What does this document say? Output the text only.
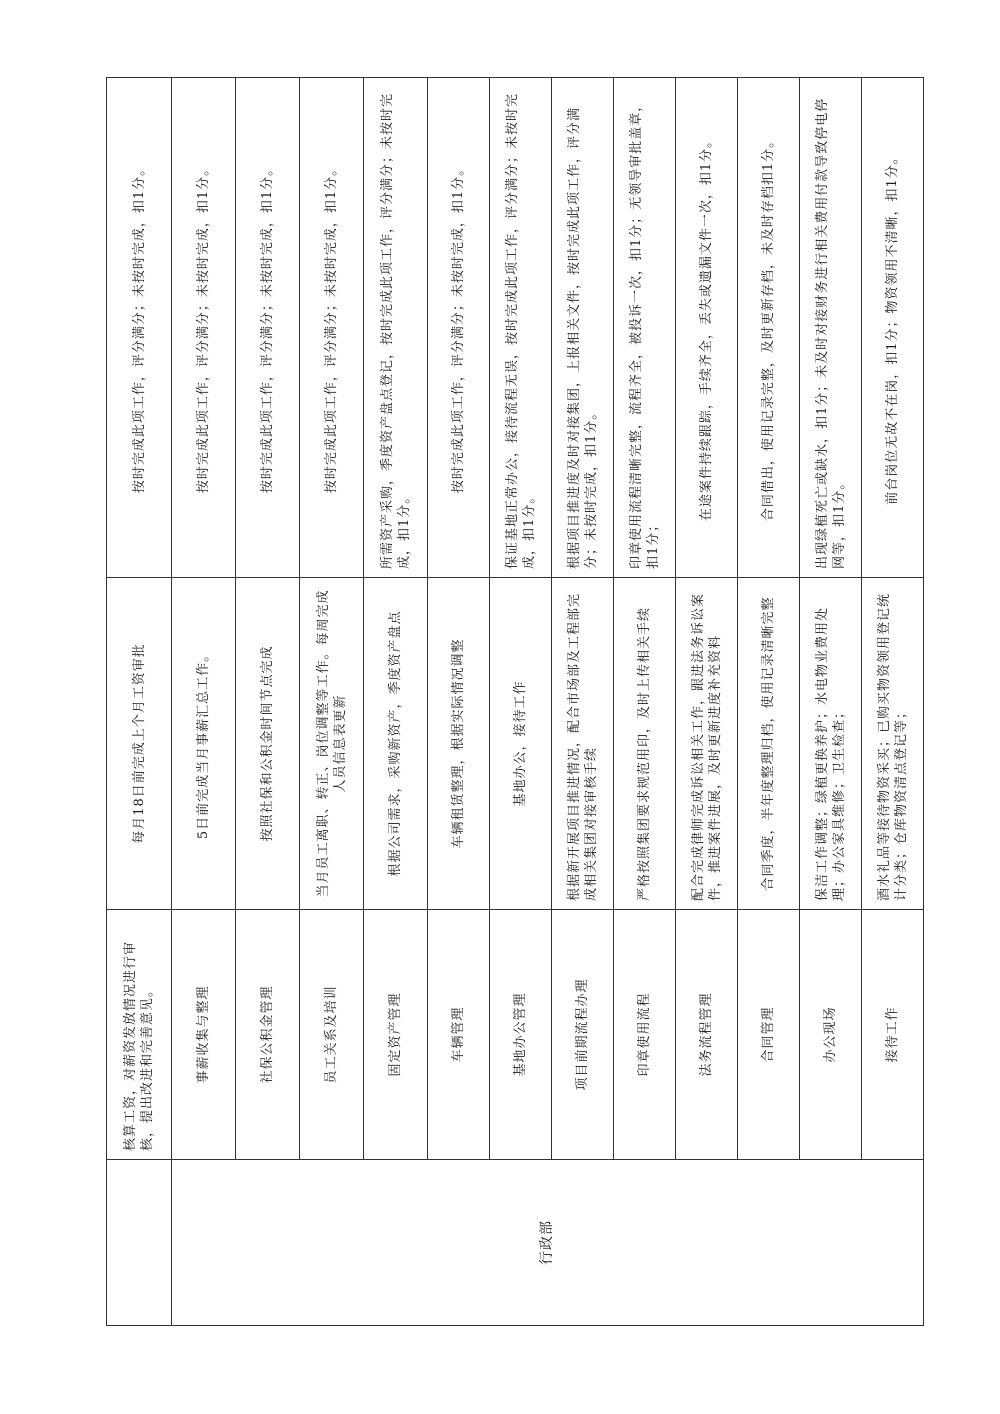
	核算工资，对薪资发放情况进行审核，提出改进和完善意见。	每月18日前完成上个月工资审批	按时完成此项工作，评分满分；未按时完成，扣1分。
行政部	事薪收集与整理	5日前完成当月事薪汇总工作。	按时完成此项工作，评分满分；未按时完成，扣1分。
	社保公积金管理	按照社保和公积金时间节点完成	按时完成此项工作，评分满分；未按时完成，扣1分。
	员工关系及培训	当月员工离职、转正、岗位调整等工作。每周完成人员信息表更新	按时完成此项工作，评分满分；未按时完成，扣1分。
	固定资产管理	根据公司需求，采购新资产，季度资产盘点	所需资产采购，季度资产盘点登记，按时完成此项工作，评分满分；未按时完成，扣1分。
	车辆管理	车辆租赁整理，根据实际情况调整	按时完成此项工作，评分满分；未按时完成，扣1分。
	基地办公管理	基地办公，接待工作	保证基地正常办公，接待流程无误，按时完成此项工作，评分满分；未按时完成，扣1分。
	项目前期流程办理	根据新开展项目推进情况，配合市场部及工程部完成相关集团对接审核手续	根据项目推进度及时对接集团，上报相关文件，按时完成此项工作，评分满分；未按时完成，扣1分。
	印章使用流程	严格按照集团要求规范用印，及时上传相关手续	印章使用流程清晰完整，流程齐全，被投诉一次，扣1分；无领导审批盖章，扣1分；
	法务流程管理	配合完成律师完成诉讼相关工作，跟进法务诉讼案件，推进案件进展，及时更新进度补充资料	在途案件持续跟踪，手续齐全，丢失或遗漏文件一次，扣1分。
	合同管理	合同季度，半年度整理归档，使用记录清晰完整	合同借出，使用记录完整，及时更新存档，未及时存档扣1分。
	办公现场	保洁工作调整；绿植更换养护；水电物业费用处理；办公家具维修；卫生检查；	出现绿植死亡或缺水，扣1分；未及时对接财务进行相关费用付款导致停电停网等，扣1分。
	接待工作	酒水礼品等接待物资采买；已购买物资领用登记统计分类；仓库物资清点登记等；	前台岗位无故不在岗，扣1分；物资领用不清晰，扣1分。
